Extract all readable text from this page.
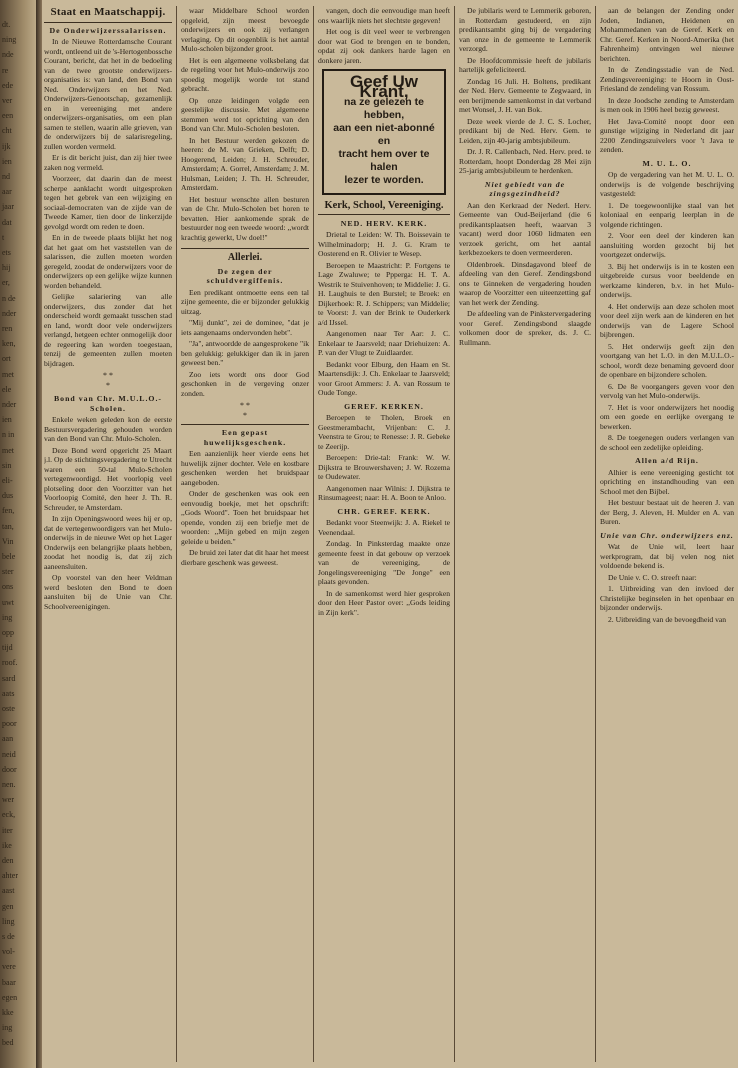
dt.
ning
nde
re
ede
ver
een
cht
ijk
ien
nd
aar
jaar
dat
t
ets
hij
er,
n de
nder
ren
ken,
ort
met
ele
nder
ien
n in
met
sin
eli-
dus
fen,
tan,
Vin
bele
ster
ons
uwt
ing
opp
tijd
roof.
sard
aats
oste
poor
aan
neid
door
nen.
wer
eck,
iter
ike
den
ahter
aast
gen
ling
s de
vol-
vere
baar
egen
kke
ing
bed
Staat en Maatschappij.
De Onderwijzerssalarissen.

In de Nieuwe Rotterdamsche Courant wordt, ontleend uit de 's-Hertogenbossche Courant, bericht, dat het in de bedoeling van de twee grootste onderwijzers-organisaties is: van land, den Bond van Ned. Onderwijzers en het Ned. Onderwijzers-Genootschap, gezamenlijk en in vereeniging met andere onderwijzers-organisaties, om een plan samen te stellen, waarin alle grieven, van de onderwijzers bij de salarisregeling, zullen worden vermeld.

Er is dit bericht juist, dan zij hier twee zaken nog vermeld.

Voorzeer, dat daarin dan de meest scherpe aanklacht wordt uitgesproken tegen het gebrek van een wijziging en sociaal-democraten van de zijde van de Tweede Kamer, tien door de linkerzijde gevolgd wordt om reden te doen.

En in de tweede plaats blijkt het nog dat het gaat om het vaststellen van de salarissen, die zullen moeten worden geregeld, zoodat de onderwijzers voor de onderwijzers op een gelijke wijze kunnen worden behandeld.

Gelijke salariering van alle onderwijzers, dus zonder dat het onderscheid wordt gemaakt tusschen stad en land, wordt door vele onderwijzers verlangd, hetgeen echter onmogelijk door de regeering kan worden toegestaan, tenzij de gemeenten zullen moeten bijdragen.

* *
*
Bond van Chr. M.U.L.O.-Scholen.

Enkele weken geleden kon de eerste Bestuursvergadering gehouden worden van den Bond van Chr. Mulo-Scholen.

Deze Bond werd opgericht 25 Maart j.l. Op de stichtingsvergadering te Utrecht waren een 50-tal Mulo-Scholen vertegenwoordigd. Het voorlopig veel plotseling door den Voorzitter van het Voorloopig Comité, den heer J. Th. R. Schreuder, te Amsterdam.

In zijn Openingswoord wees hij er op, dat de vertegenwoordigers van het Mulo-onderwijs in de nieuwe Wet op het Lager Onderwijs een belangrijke plaats hebben, zoodat het noodig is, dat zij zich aaneensluiten.

Op voorstel van den heer Veldman werd besloten den Bond te doen aansluiten bij de Unie van Chr. Schoolvereenigingen.

waar Middelbare School worden opgeleid, zijn meest bevoegde onderwijzers en ook zij verlangen verlaging. Op dit oogenblik is het aantal Mulo-scholen bijzonder groot.

Het is een algemeene volksbelang dat de regeling voor het Mulo-onderwijs zoo spoedig mogelijk worde tot stand gebracht.

Op onze leidingen volgde een geestelijke discussie. Met algemeene stemmen werd tot oprichting van den Bond van Chr. Mulo-Scholen besloten.

In het Bestuur werden gekozen de heeren: de M. van Grieken, Delft; D. Hoogerend, Leiden; J. H. Schreuder, Amsterdam; A. Gorrel, Amsterdam; J. M. Hulsman, Leiden; J. Th. H. Schreuder, Amsterdam.

Het bestuur wenschte allen besturen van de Chr. Mulo-Scholen bet horen te bevatten. Hier aankomende sprak de bestuurder nog een tweede woord: ,,wordt krachtig gewerkt, Uw doel!"

Allerlei.
De zegen der schuldvergiffenis.

Een predikant ontmoette eens een tal zijne gemeente, die er bijzonder gelukkig uitzag.

"Mij dunkt", zei de dominee, "dat je iets aangenaams ondervonden hebt".

"Ja", antwoordde de aangesprokene "ik ben gelukkig: gelukkiger dan ik in jaren geweest ben."

Zoo iets wordt ons door God geschonken in de vergeving onzer zonden.

* *
*
Een gepast huwelijksgeschenk.

Een aanzienlijk heer vierde eens het huwelijk zijner dochter. Vele en kostbare geschenken werden het bruidspaar aangeboden.

Onder de geschenken was ook een eenvoudig boekje, met het opschrift: ,,Gods Woord". Toen het bruidspaar het opende, vonden zij een briefje met de woorden: ,,Mijn gebed en mijn zegen geleide u beiden."

De bruid zei later dat dit haar het meest dierbare geschenk was geweest.

vangen, doch die eenvoudige man heeft ons waarlijk niets het slechtste gegeven!

Het oog is dit veel weer te verbrengen door wat God te brengen en te bonden, opdat zij ook dankers harde lagen en donkere jaren.

Geef Uw Krant,
na ze gelezen te hebben,
aan een niet-abonné en
tracht hem over te halen
lezer te worden.
Kerk, School, Vereeniging.
NED. HERV. KERK.

Drietal te Leiden: W. Th. Boissevain te Wilhelminadorp; H. J. G. Kram te Oosterend en R. Olivier te Wesep.

Beroepen te Maastricht: P. Fortgens te Lage Zwaluwe; te Ppperga: H. T. A. Westrik te Stuivenhoven; te Middelie: J. G. H. Laughuis te den Burstel; te Broek: en Dijkerhoek: R. J. Schippers; van Middelie; te Voorst: J. van der Brink te Ouderkerk a/d IJssel.

Aangenomen naar Ter Aar: J. C. Enkelaar te Jaarsveld; naar Driehuizen: A. P. van der Vlugt te Zuidlaarder.

Bedankt voor Elburg, den Haam en St. Maartensdijk: J. Ch. Enkelaar te Jaarsveld; voor Groot Ammers: J. A. van Rossum te Oude Tonge.

GEREF. KERKEN.

Beroepen te Tholen, Broek en Geestmerambacht, Vrijenban: C. J. Veenstra te Grou; te Renesse: J. R. Gebeke te Zeerijp.

Beroepen: Drie-tal: Frank: W. W. Dijkstra te Brouwershaven; J. W. Rozema te Oudewater.

Aangenomen naar Wilnis: J. Dijkstra te Rinsumageest; naar: H. A. Boon te Anloo.

CHR. GEREF. KERK.

Bedankt voor Steenwijk: J. A. Riekel te Veenendaal.

Zondag. In Pinksterdag maakte onze gemeente feest in dat gebouw op verzoek van de vereeniging, de Jongelingsvereeniging "De Jonge" een plaats gevonden.

In de samenkomst werd hier gesproken door den Heer Pastor over: ,,Gods leiding in Zijn kerk".

De jubilaris werd te Lemmerik geboren, in Rotterdam gestudeerd, en zijn predikantsambt ging bij de vergadering van onze in de gemeente te Lemmerik verzorgd.

De Hoofdcommissie heeft de jubilaris hartelijk gefeliciteerd.

Zondag 16 Juli. H. Boltens, predikant der Ned. Herv. Gemeente te Zegwaard, in een berijmende samenkomst in dat verband met Wonsel, J. H. van Bok.

Deze week vierde de J. C. S. Locher, predikant bij de Ned. Herv. Gem. te Leiden, zijn 40-jarig ambtsjubileum.

Dr. J. R. Callenbach, Ned. Herv. pred. te Rotterdam, hoopt Donderdag 28 Mei zijn 25-jarig ambtsjubileum te herdenken.

Niet gebiedt van de zingsgezindheid?

Aan den Kerkraad der Nederl. Herv. Gemeente van Oud-Beijerland (die 6 predikantsplaatsen heeft, waarvan 3 vacant) werd door 1060 lidmaten een verzoek gericht, om het aantal kerkbezoekers te doen vermeerderen.

Oldenbroek. Dinsdagavond bleef de afdeeling van den Geref. Zendingsbond ons te Ginneken de vergadering houden waarop de Voorzitter een uiteenzetting gaf van het werk der Zending.

De afdeeling van de Pinkstervergadering voor Geref. Zendingsbond slaagde volkomen door de spreker, ds. J. C. Rullmann.

aan de belangen der Zending onder Joden, Indianen, Heidenen en Mohammedanen van de Geref. Kerk en Chr. Geref. Kerken in Noord-Amerika (het Fahrenheim) ontvingen wel nieuwe berichten.

In de Zendingsstadie van de Ned. Zendingsvereeniging: te Hoorn in Oost-Friesland de zendeling van Rossum.

In deze Joodsche zending te Amsterdam is men ook in 1906 heel bezig geweest.

Het Java-Comité noopt door een gunstige wijziging in Nederland dit jaar 2200 Zendingszuivelers voor 't Java te zenden.

M. U. L. O.

Op de vergadering van het M. U. L. O. onderwijs is de volgende beschrijving vastgesteld:

1. De toegewoonlijke staal van het koloniaal en eenparig leerplan in de volgende richtingen.

2. Voor een deel der kinderen kan aansluiting worden gezocht bij het voortgezet onderwijs.

3. Bij het onderwijs is in te kosten een uitgebreide cursus voor beeldende en werkzame kinderen, b.v. in het Mulo-onderwijs.

4. Het onderwijs aan deze scholen moet voor deel zijn werk aan de kinderen en het onderwijs van de Lagere School bijbrengen.

5. Het onderwijs geeft zijn den voortgang van het L.O. in den M.U.L.O.-school, wordt deze benaming gevoerd door de openbare en bijzondere scholen.

6. De 8e voorgangers geven voor den vervolg van het Mulo-onderwijs.

7. Het is voor onderwijzers het noodig om een goede en eerlijke overgang te bewerken.

8. De toegenegen ouders verlangen van de school een zedelijke opleiding.

Allen a/d Rijn.

Alhier is eene vereeniging gesticht tot oprichting en instandhouding van een School met den Bijbel.

Het bestuur bestaat uit de heeren J. van der Berg, J. Aleven, H. Mulder en A. van Buren.

Unie van Chr. onderwijzers enz.

Wat de Unie wil, leert haar werkprogram, dat bij velen nog niet voldoende bekend is.

De Unie v. C. O. streeft naar:

1. Uitbreiding van den invloed der Christelijke beginselen in het openbaar en bijzonder onderwijs.

2. Uitbreiding van de bevoegdheid van
